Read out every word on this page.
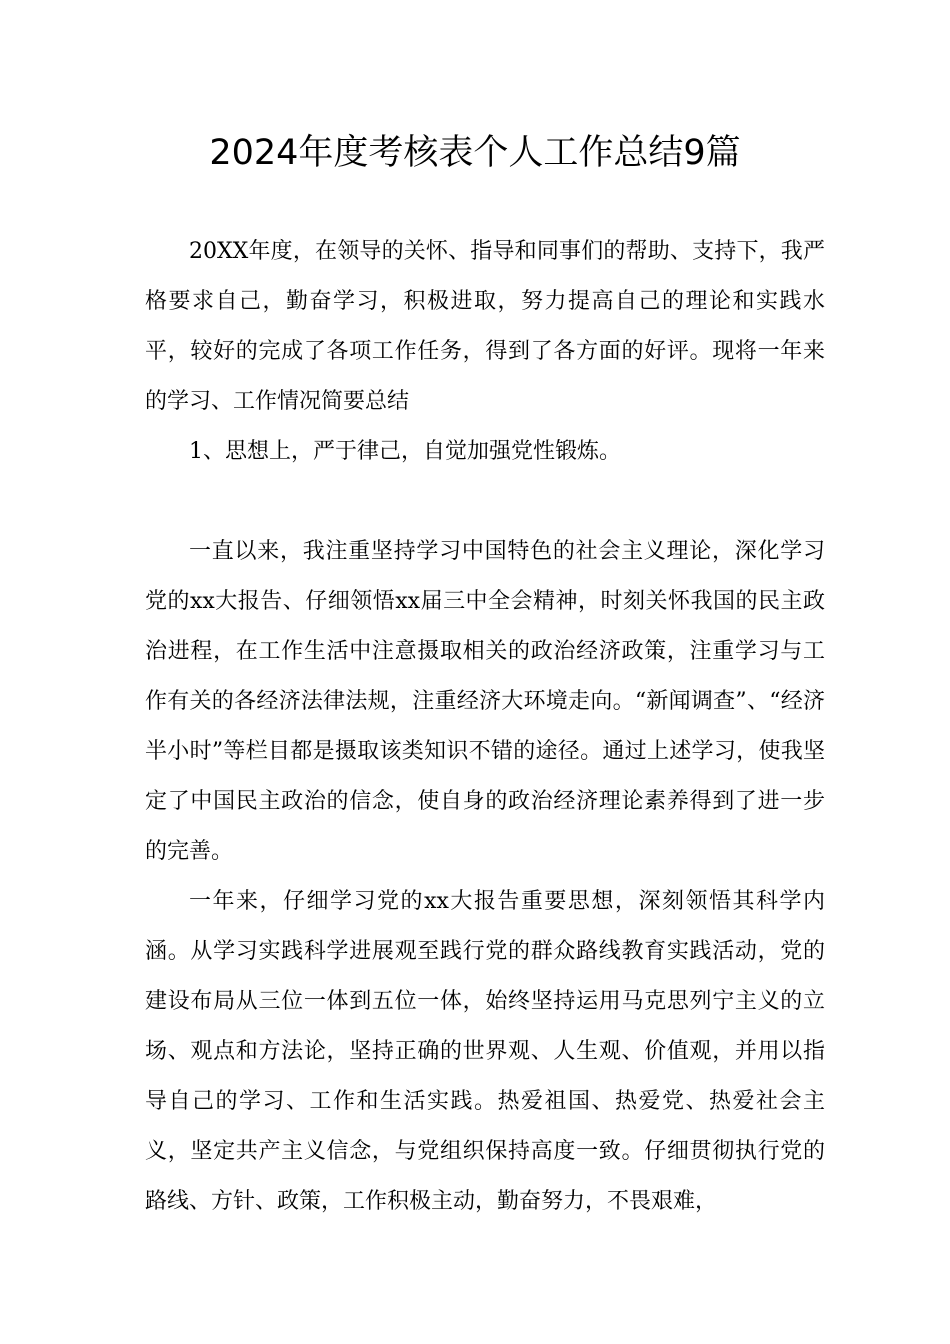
2024年度考核表个人工作总结9篇

20XX年度，在领导的关怀、指导和同事们的帮助、支持下，我严格要求自己，勤奋学习，积极进取，努力提高自己的理论和实践水平，较好的完成了各项工作任务，得到了各方面的好评。现将一年来的学习、工作情况简要总结

1、思想上，严于律己，自觉加强党性锻炼。

一直以来，我注重坚持学习中国特色的社会主义理论，深化学习党的xx大报告、仔细领悟xx届三中全会精神，时刻关怀我国的民主政治进程，在工作生活中注意摄取相关的政治经济政策，注重学习与工作有关的各经济法律法规，注重经济大环境走向。“新闻调查”、“经济半小时”等栏目都是摄取该类知识不错的途径。通过上述学习，使我坚定了中国民主政治的信念，使自身的政治经济理论素养得到了进一步的完善。

一年来，仔细学习党的xx大报告重要思想，深刻领悟其科学内涵。从学习实践科学进展观至践行党的群众路线教育实践活动，党的建设布局从三位一体到五位一体，始终坚持运用马克思列宁主义的立场、观点和方法论，坚持正确的世界观、人生观、价值观，并用以指导自己的学习、工作和生活实践。热爱祖国、热爱党、热爱社会主义，坚定共产主义信念，与党组织保持高度一致。仔细贯彻执行党的路线、方针、政策，工作积极主动，勤奋努力，不畏艰难，
